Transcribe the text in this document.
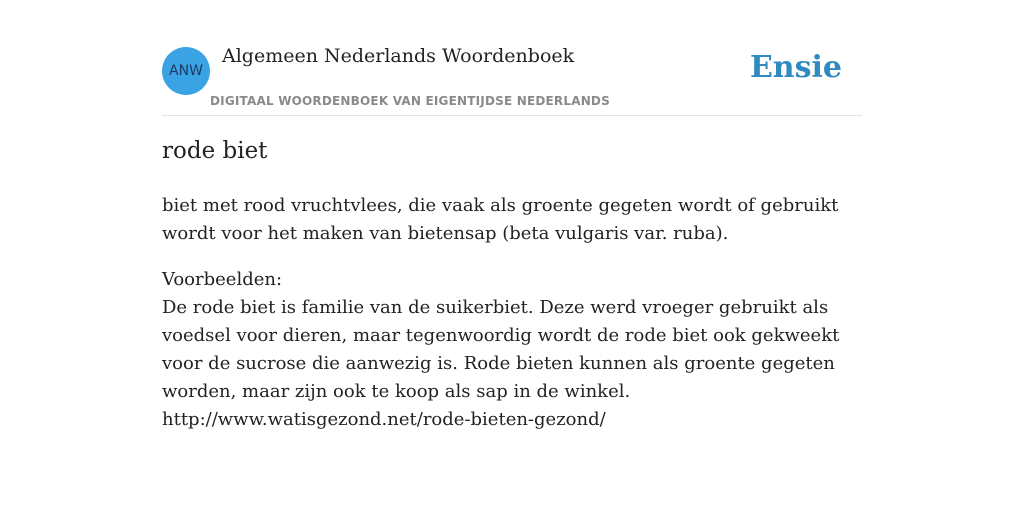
ANW
Algemeen Nederlands Woordenboek
DIGITAAL WOORDENBOEK VAN EIGENTIJDSE NEDERLANDS
Ensie
rode biet

biet met rood vruchtvlees, die vaak als groente gegeten wordt of gebruikt wordt voor het maken van bietensap (beta vulgaris var. ruba).

Voorbeelden:
De rode biet is familie van de suikerbiet. Deze werd vroeger gebruikt als voedsel voor dieren, maar tegenwoordig wordt de rode biet ook gekweekt voor de sucrose die aanwezig is. Rode bieten kunnen als groente gegeten worden, maar zijn ook te koop als sap in de winkel.
http://www.watisgezond.net/rode-bieten-gezond/
